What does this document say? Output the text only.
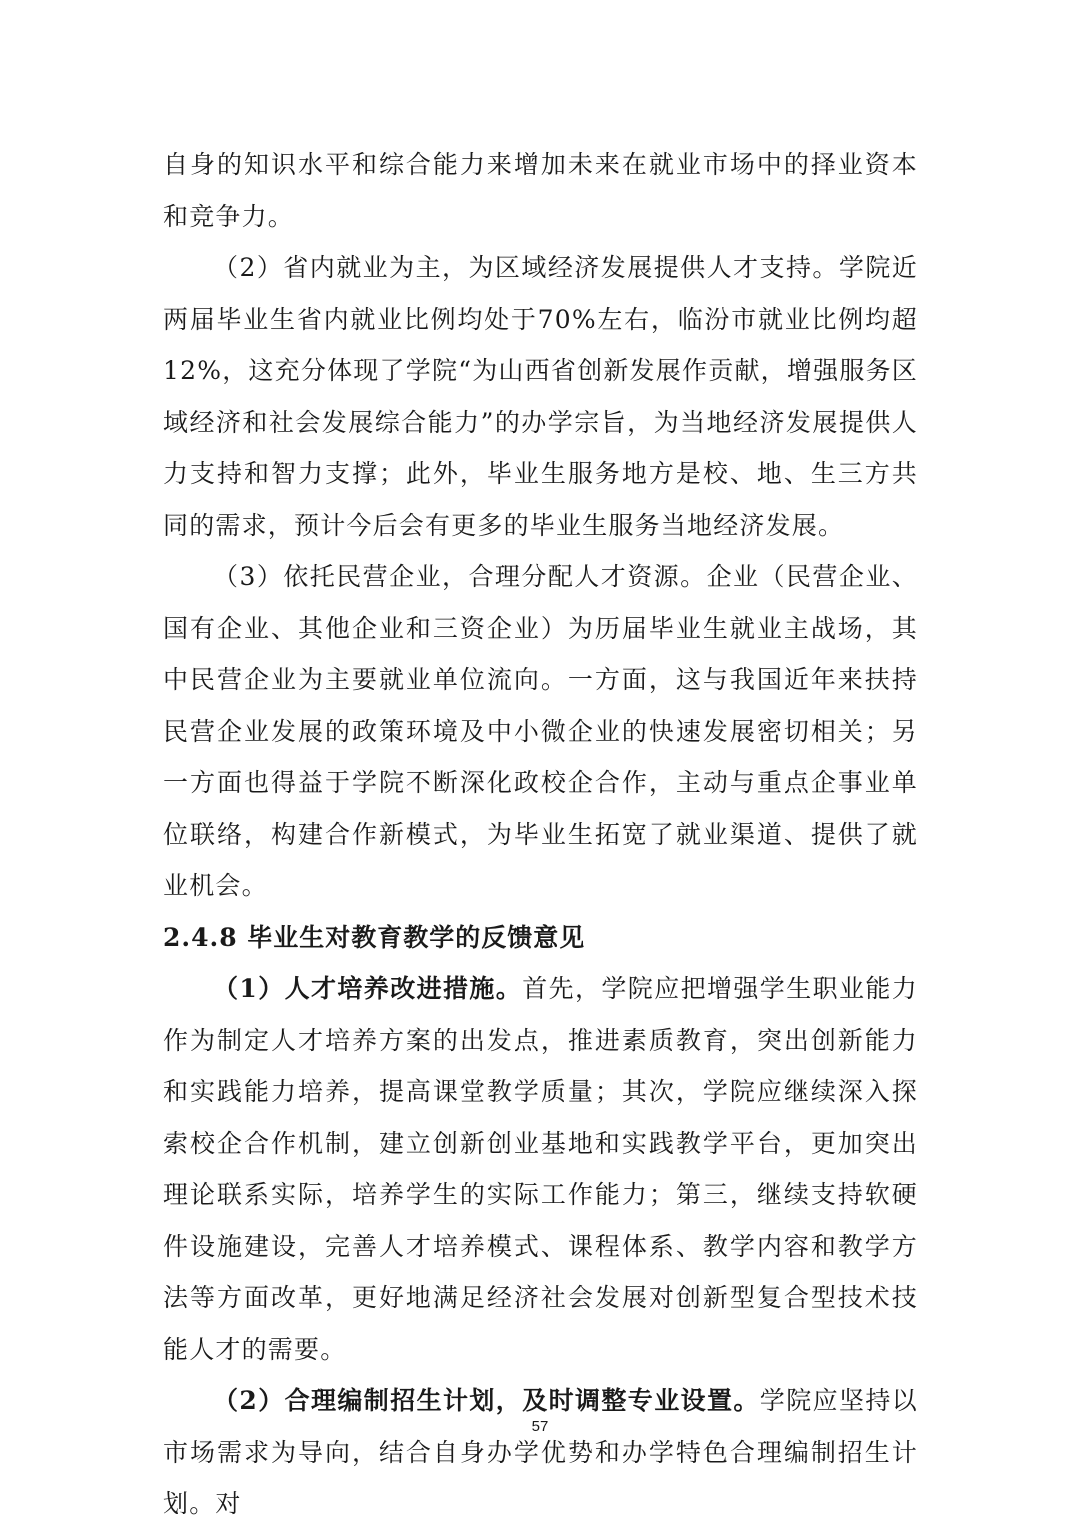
自身的知识水平和综合能力来增加未来在就业市场中的择业资本和竞争力。

（2）省内就业为主，为区域经济发展提供人才支持。学院近两届毕业生省内就业比例均处于70%左右，临汾市就业比例均超12%，这充分体现了学院“为山西省创新发展作贡献，增强服务区域经济和社会发展综合能力”的办学宗旨，为当地经济发展提供人力支持和智力支撑；此外，毕业生服务地方是校、地、生三方共同的需求，预计今后会有更多的毕业生服务当地经济发展。

（3）依托民营企业，合理分配人才资源。企业（民营企业、国有企业、其他企业和三资企业）为历届毕业生就业主战场，其中民营企业为主要就业单位流向。一方面，这与我国近年来扶持民营企业发展的政策环境及中小微企业的快速发展密切相关；另一方面也得益于学院不断深化政校企合作，主动与重点企事业单位联络，构建合作新模式，为毕业生拓宽了就业渠道、提供了就业机会。

2.4.8 毕业生对教育教学的反馈意见

（1）人才培养改进措施。首先，学院应把增强学生职业能力作为制定人才培养方案的出发点，推进素质教育，突出创新能力和实践能力培养，提高课堂教学质量；其次，学院应继续深入探索校企合作机制，建立创新创业基地和实践教学平台，更加突出理论联系实际，培养学生的实际工作能力；第三，继续支持软硬件设施建设，完善人才培养模式、课程体系、教学内容和教学方法等方面改革，更好地满足经济社会发展对创新型复合型技术技能人才的需要。

（2）合理编制招生计划，及时调整专业设置。学院应坚持以市场需求为导向，结合自身办学优势和办学特色合理编制招生计划。对

57
